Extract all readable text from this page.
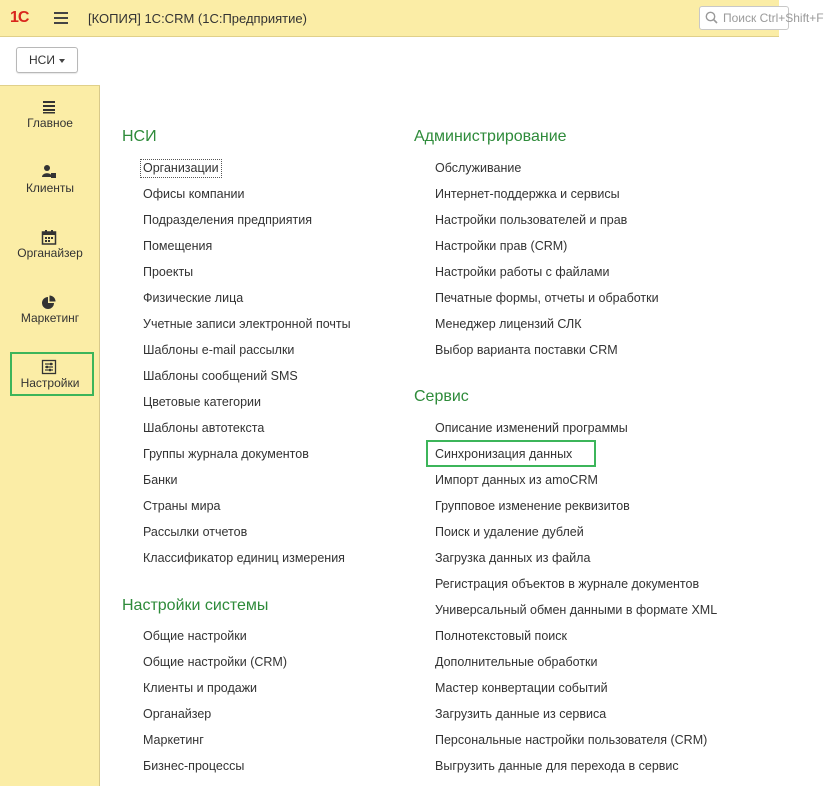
1С	[КОПИЯ] 1С:CRM (1С:Предприятие)	Поиск Ctrl+Shift+F
НСИ
Главное
Клиенты
Органайзер
Маркетинг
Настройки
НСИ
Организации
Офисы компании
Подразделения предприятия
Помещения
Проекты
Физические лица
Учетные записи электронной почты
Шаблоны e-mail рассылки
Шаблоны сообщений SMS
Цветовые категории
Шаблоны автотекста
Группы журнала документов
Банки
Страны мира
Рассылки отчетов
Классификатор единиц измерения
Настройки системы
Общие настройки
Общие настройки (CRM)
Клиенты и продажи
Органайзер
Маркетинг
Бизнес-процессы
Администрирование
Обслуживание
Интернет-поддержка и сервисы
Настройки пользователей и прав
Настройки прав (CRM)
Настройки работы с файлами
Печатные формы, отчеты и обработки
Менеджер лицензий СЛК
Выбор варианта поставки CRM
Сервис
Описание изменений программы
Синхронизация данных
Импорт данных из amoCRM
Групповое изменение реквизитов
Поиск и удаление дублей
Загрузка данных из файла
Регистрация объектов в журнале документов
Универсальный обмен данными в формате XML
Полнотекстовый поиск
Дополнительные обработки
Мастер конвертации событий
Загрузить данные из сервиса
Персональные настройки пользователя (CRM)
Выгрузить данные для перехода в сервис
